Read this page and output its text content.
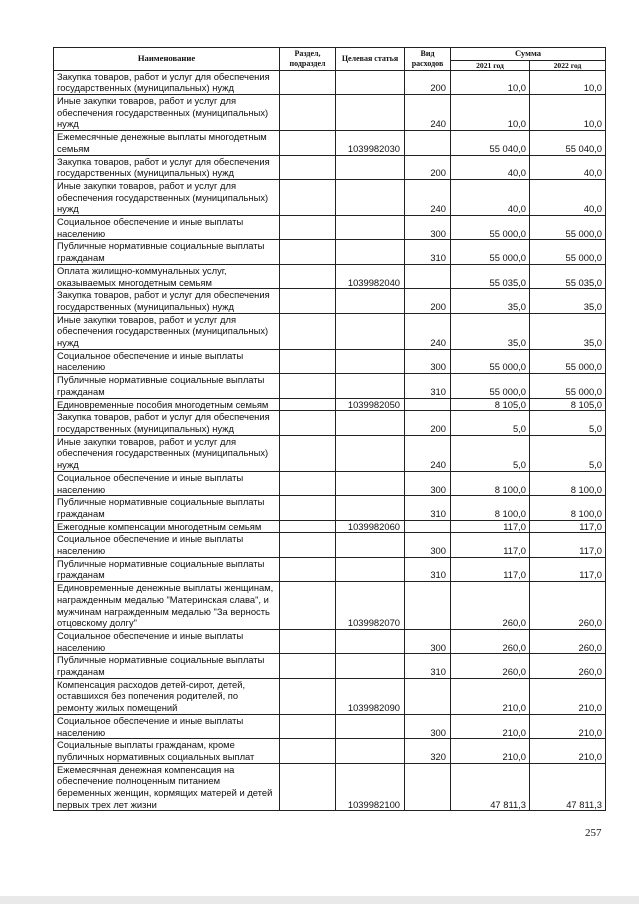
Наименование	Раздел, подраздел	Целевая статья	Вид расходов	Сумма	
				2021 год	2022 год
Закупка товаров, работ и услуг для обеспечения государственных (муниципальных) нужд			200	10,0	10,0
Иные закупки товаров, работ и услуг для обеспечения государственных (муниципальных) нужд			240	10,0	10,0
Ежемесячные денежные выплаты многодетным семьям		1039982030		55 040,0	55 040,0
Закупка товаров, работ и услуг для обеспечения государственных (муниципальных) нужд			200	40,0	40,0
Иные закупки товаров, работ и услуг для обеспечения государственных (муниципальных) нужд			240	40,0	40,0
Социальное обеспечение и иные выплаты населению			300	55 000,0	55 000,0
Публичные нормативные социальные выплаты гражданам			310	55 000,0	55 000,0
Оплата жилищно-коммунальных услуг, оказываемых многодетным семьям		1039982040		55 035,0	55 035,0
Закупка товаров, работ и услуг для обеспечения государственных (муниципальных) нужд			200	35,0	35,0
Иные закупки товаров, работ и услуг для обеспечения государственных (муниципальных) нужд			240	35,0	35,0
Социальное обеспечение и иные выплаты населению			300	55 000,0	55 000,0
Публичные нормативные социальные выплаты гражданам			310	55 000,0	55 000,0
Единовременные пособия многодетным семьям		1039982050		8 105,0	8 105,0
Закупка товаров, работ и услуг для обеспечения государственных (муниципальных) нужд			200	5,0	5,0
Иные закупки товаров, работ и услуг для обеспечения государственных (муниципальных) нужд			240	5,0	5,0
Социальное обеспечение и иные выплаты населению			300	8 100,0	8 100,0
Публичные нормативные социальные выплаты гражданам			310	8 100,0	8 100,0
Ежегодные компенсации многодетным семьям		1039982060		117,0	117,0
Социальное обеспечение и иные выплаты населению			300	117,0	117,0
Публичные нормативные социальные выплаты гражданам			310	117,0	117,0
Единовременные денежные выплаты женщинам, награжденным медалью "Материнская слава", и мужчинам награжденным медалью "За верность отцовскому долгу"		1039982070		260,0	260,0
Социальное обеспечение и иные выплаты населению			300	260,0	260,0
Публичные нормативные социальные выплаты гражданам			310	260,0	260,0
Компенсация расходов детей-сирот, детей, оставшихся без попечения родителей, по ремонту жилых помещений		1039982090		210,0	210,0
Социальное обеспечение и иные выплаты населению			300	210,0	210,0
Социальные выплаты гражданам, кроме публичных нормативных социальных выплат			320	210,0	210,0
Ежемесячная денежная компенсация на обеспечение полноценным питанием беременных женщин, кормящих матерей и детей первых трех лет жизни		1039982100		47 811,3	47 811,3
257
